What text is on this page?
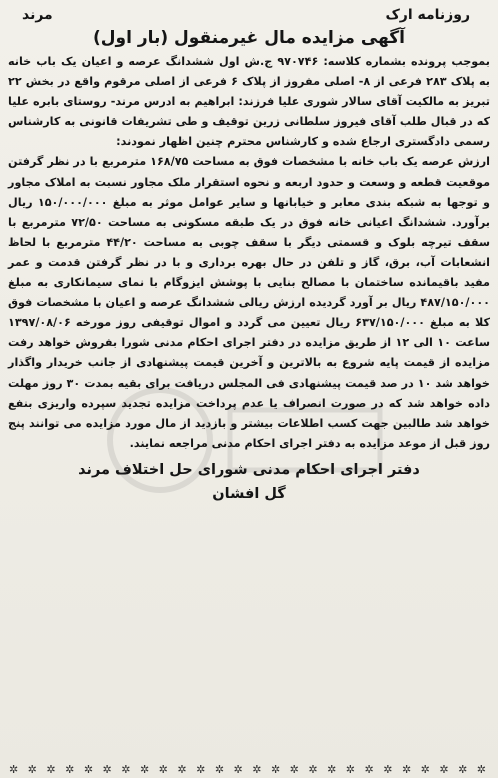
روزنامه ارک
مرند
آگهی مزایده مال غیرمنقول (بار اول)

بموجب پرونده بشماره کلاسه: ۹۷۰۷۴۶ ج.ش اول ششدانگ عرصه و اعیان یک باب خانه به پلاک ۲۸۳ فرعی از ۸- اصلی مفروز از پلاک ۶ فرعی از اصلی مرقوم واقع در بخش ۲۲ تبریز به مالکیت آقای سالار شوری علیا فرزند: ابراهیم به ادرس مرند- روستای بابره علیا که در قبال طلب آقای فیروز سلطانی زرین توقیف و طی تشریفات قانونی به کارشناس رسمی دادگستری ارجاع شده و کارشناس محترم چنین اظهار نمودند:

ارزش عرصه یک باب خانه با مشخصات فوق به مساحت ۱۶۸/۷۵ مترمربع با در نظر گرفتن موقعیت قطعه و وسعت و حدود اربعه و نحوه استقرار ملک مجاور نسبت به املاک مجاور و توجها به شبکه بندی معابر و خیابانها و سایر عوامل موثر به مبلغ ۱۵۰/۰۰۰/۰۰۰ ریال برآورد. ششدانگ اعیانی خانه فوق در یک طبقه مسکونی به مساحت ۷۲/۵۰ مترمربع با سقف تیرچه بلوک و قسمتی دیگر با سقف چوبی به مساحت ۴۴/۲۰ مترمربع با لحاظ انشعابات آب، برق، گاز و تلفن در حال بهره برداری و با در نظر گرفتن قدمت و عمر مفید باقیمانده ساختمان با مصالح بنایی با پوشش ایزوگام با نمای سیمانکاری به مبلغ ۴۸۷/۱۵۰/۰۰۰ ریال بر آورد گردیده ارزش ریالی ششدانگ عرصه و اعیان با مشخصات فوق کلا به مبلغ ۶۳۷/۱۵۰/۰۰۰ ریال تعیین می گردد و اموال توقیفی روز مورخه ۱۳۹۷/۰۸/۰۶ ساعت ۱۰ الی ۱۲ از طریق مزایده در دفتر اجرای احکام مدنی شورا بفروش خواهد رفت مزایده از قیمت پایه شروع به بالاترین و آخرین قیمت پیشنهادی از جانب خریدار واگذار خواهد شد ۱۰ در صد قیمت پیشنهادی فی المجلس دریافت برای بقیه بمدت ۳۰ روز مهلت داده خواهد شد که در صورت انصراف یا عدم پرداخت مزایده تجدید سپرده واریزی بنفع خواهد شد طالبین جهت کسب اطلاعات بیشتر و بازدید از مال مورد مزایده می توانند پنج روز قبل از موعد مزایده به دفتر اجرای احکام مدنی مراجعه نمایند.

دفتر اجرای احکام مدنی شورای حل اختلاف مرند
گل افشان
✲ ✲ ✲ ✲ ✲ ✲ ✲ ✲ ✲ ✲ ✲ ✲ ✲ ✲ ✲ ✲ ✲ ✲ ✲ ✲ ✲ ✲ ✲ ✲ ✲ ✲
